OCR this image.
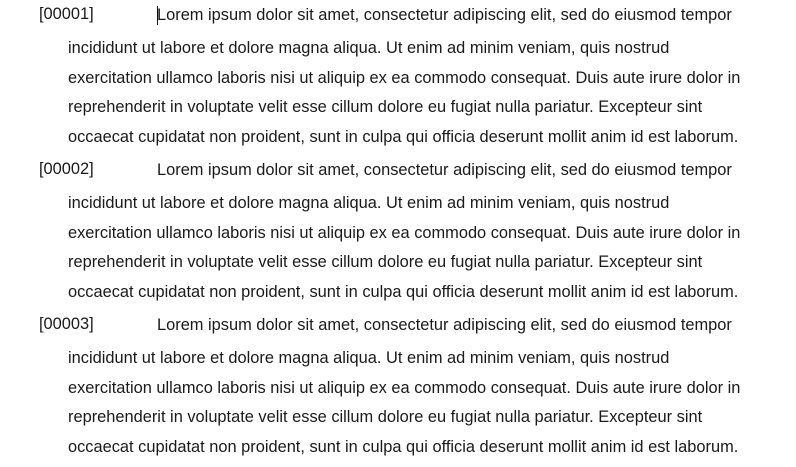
[00001]	Lorem ipsum dolor sit amet, consectetur adipiscing elit, sed do eiusmod tempor
incididunt ut labore et dolore magna aliqua. Ut enim ad minim veniam, quis nostrud
exercitation ullamco laboris nisi ut aliquip ex ea commodo consequat. Duis aute irure dolor in
reprehenderit in voluptate velit esse cillum dolore eu fugiat nulla pariatur. Excepteur sint
occaecat cupidatat non proident, sunt in culpa qui officia deserunt mollit anim id est laborum.
[00002]	Lorem ipsum dolor sit amet, consectetur adipiscing elit, sed do eiusmod tempor
incididunt ut labore et dolore magna aliqua. Ut enim ad minim veniam, quis nostrud
exercitation ullamco laboris nisi ut aliquip ex ea commodo consequat. Duis aute irure dolor in
reprehenderit in voluptate velit esse cillum dolore eu fugiat nulla pariatur. Excepteur sint
occaecat cupidatat non proident, sunt in culpa qui officia deserunt mollit anim id est laborum.
[00003]	Lorem ipsum dolor sit amet, consectetur adipiscing elit, sed do eiusmod tempor
incididunt ut labore et dolore magna aliqua. Ut enim ad minim veniam, quis nostrud
exercitation ullamco laboris nisi ut aliquip ex ea commodo consequat. Duis aute irure dolor in
reprehenderit in voluptate velit esse cillum dolore eu fugiat nulla pariatur. Excepteur sint
occaecat cupidatat non proident, sunt in culpa qui officia deserunt mollit anim id est laborum.
